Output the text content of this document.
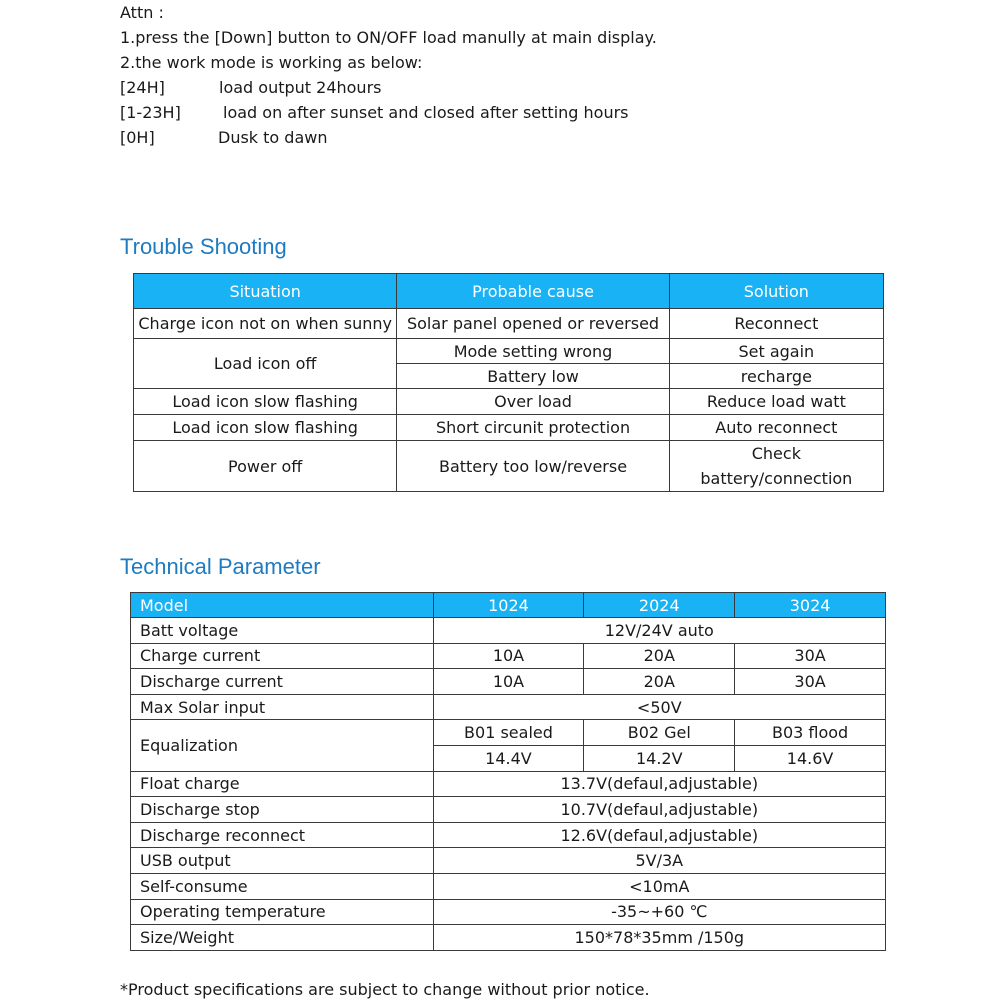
Attn :
1.press the [Down] button to ON/OFF load manully at main display.
2.the work mode is working as below:
[24H]	load output 24hours
[1-23H]	load on after sunset and closed after setting hours
[0H]	Dusk to dawn
Trouble Shooting
Situation	Probable cause	Solution
Charge icon not on when sunny	Solar panel opened or reversed	Reconnect
Load icon off	Mode setting wrong	Set again
	Battery low	recharge
Load icon slow flashing	Over load	Reduce load watt
Load icon slow flashing	Short circunit protection	Auto reconnect
Power off	Battery too low/reverse	Check
battery/connection
Technical Parameter
Model	1024	2024	3024
Batt voltage	12V/24V auto		
Charge current	10A	20A	30A
Discharge current	10A	20A	30A
Max Solar input	<50V		
Equalization	B01 sealed	B02 Gel	B03 flood
	14.4V	14.2V	14.6V
Float charge	13.7V(defaul,adjustable)		
Discharge stop	10.7V(defaul,adjustable)		
Discharge reconnect	12.6V(defaul,adjustable)		
USB output	5V/3A		
Self-consume	<10mA		
Operating temperature	-35~+60 ℃		
Size/Weight	150*78*35mm /150g		
*Product specifications are subject to change without prior notice.
